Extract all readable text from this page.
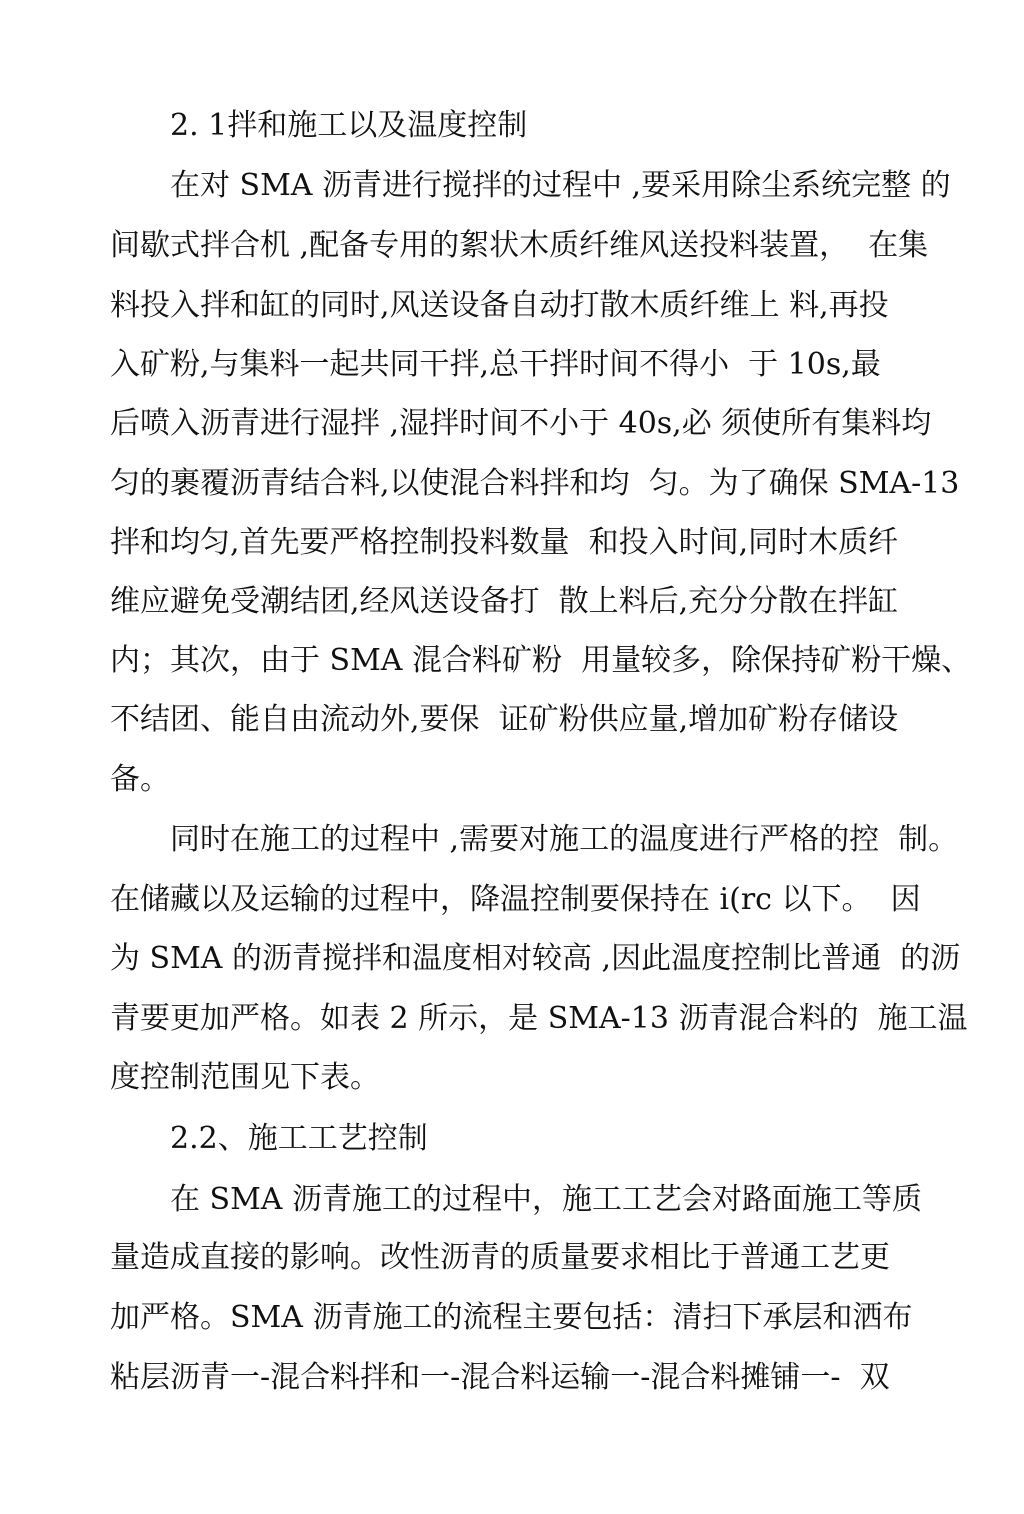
2. 1拌和施工以及温度控制
在对 SMA 沥青进行搅拌的过程中 ,要采用除尘系统完整 的
间歇式拌合机 ,配备专用的絮状木质纤维风送投料装置，  在集
料投入拌和缸的同时,风送设备自动打散木质纤维上 料,再投
入矿粉,与集料一起共同干拌,总干拌时间不得小  于 10s,最
后喷入沥青进行湿拌 ,湿拌时间不小于 40s,必 须使所有集料均
匀的裹覆沥青结合料,以使混合料拌和均  匀。为了确保 SMA-13
拌和均匀,首先要严格控制投料数量  和投入时间,同时木质纤
维应避免受潮结团,经风送设备打  散上料后,充分分散在拌缸
内；其次，由于 SMA 混合料矿粉  用量较多，除保持矿粉干燥、
不结团、能自由流动外,要保  证矿粉供应量,增加矿粉存储设
备。
同时在施工的过程中 ,需要对施工的温度进行严格的控  制。
在储藏以及运输的过程中，降温控制要保持在 i(rc 以下。  因
为 SMA 的沥青搅拌和温度相对较高 ,因此温度控制比普通  的沥
青要更加严格。如表 2 所示，是 SMA-13 沥青混合料的  施工温
度控制范围见下表。
2.2、施工工艺控制
在 SMA 沥青施工的过程中，施工工艺会对路面施工等质
量造成直接的影响。改性沥青的质量要求相比于普通工艺更
加严格。SMA 沥青施工的流程主要包括：清扫下承层和洒布
粘层沥青一-混合料拌和一-混合料运输一-混合料摊铺一-  双
